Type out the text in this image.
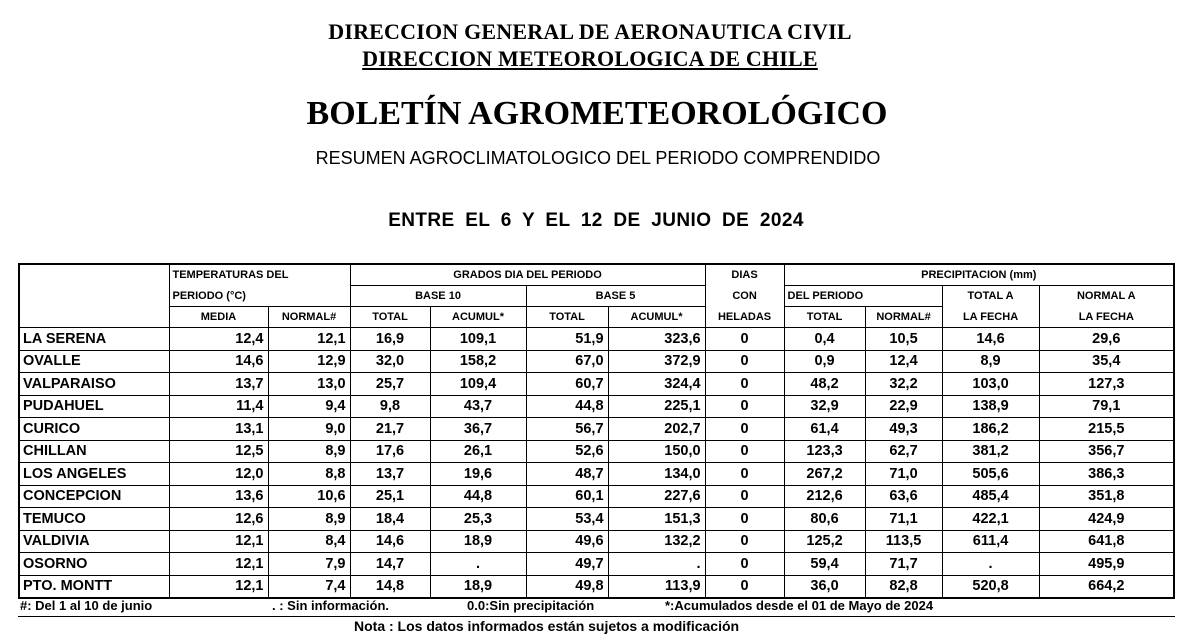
DIRECCION GENERAL DE AERONAUTICA CIVIL
DIRECCION METEOROLOGICA DE CHILE
BOLETÍN AGROMETEOROLÓGICO
RESUMEN AGROCLIMATOLOGICO DEL PERIODO COMPRENDIDO
ENTRE EL 6 Y EL 12 DE JUNIO DE 2024
	TEMPERATURAS DEL		GRADOS DIA DEL PERIODO				DIAS	PRECIPITACION (mm)			
	PERIODO (°C)		BASE 10		BASE 5		CON	DEL PERIODO		TOTAL A	NORMAL A
	MEDIA	NORMAL#	TOTAL	ACUMUL*	TOTAL	ACUMUL*	HELADAS	TOTAL	NORMAL#	LA FECHA	LA FECHA
LA SERENA	12,4	12,1	16,9	109,1	51,9	323,6	0	0,4	10,5	14,6	29,6
OVALLE	14,6	12,9	32,0	158,2	67,0	372,9	0	0,9	12,4	8,9	35,4
VALPARAISO	13,7	13,0	25,7	109,4	60,7	324,4	0	48,2	32,2	103,0	127,3
PUDAHUEL	11,4	9,4	9,8	43,7	44,8	225,1	0	32,9	22,9	138,9	79,1
CURICO	13,1	9,0	21,7	36,7	56,7	202,7	0	61,4	49,3	186,2	215,5
CHILLAN	12,5	8,9	17,6	26,1	52,6	150,0	0	123,3	62,7	381,2	356,7
LOS ANGELES	12,0	8,8	13,7	19,6	48,7	134,0	0	267,2	71,0	505,6	386,3
CONCEPCION	13,6	10,6	25,1	44,8	60,1	227,6	0	212,6	63,6	485,4	351,8
TEMUCO	12,6	8,9	18,4	25,3	53,4	151,3	0	80,6	71,1	422,1	424,9
VALDIVIA	12,1	8,4	14,6	18,9	49,6	132,2	0	125,2	113,5	611,4	641,8
OSORNO	12,1	7,9	14,7	.	49,7	.	0	59,4	71,7	.	495,9
PTO. MONTT	12,1	7,4	14,8	18,9	49,8	113,9	0	36,0	82,8	520,8	664,2
#: Del 1 al 10 de junio	. : Sin información.	0.0:Sin precipitación	*:Acumulados desde el 01 de Mayo de 2024
Nota : Los datos informados están sujetos a modificación
